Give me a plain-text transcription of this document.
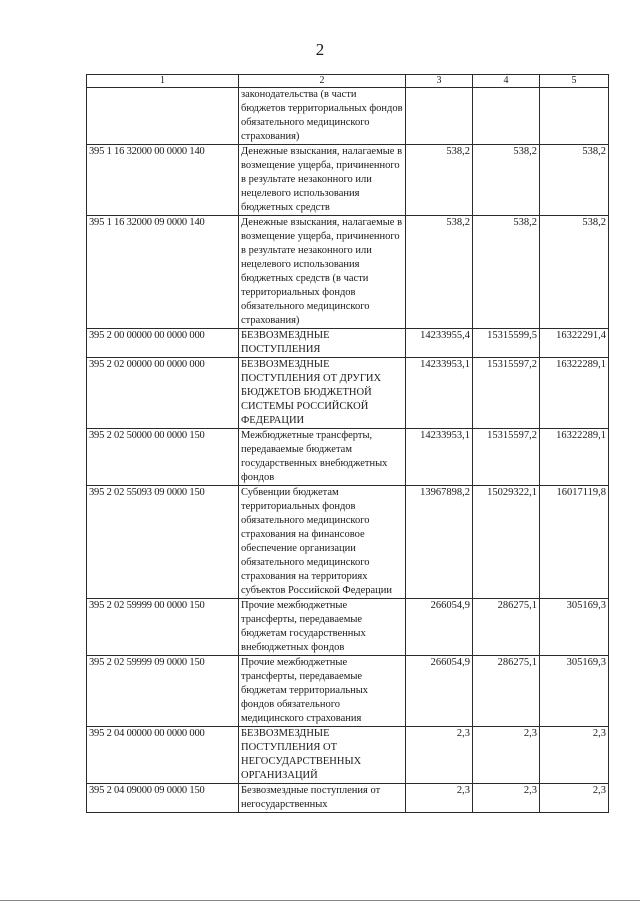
2
1	2	3	4	5
	законодательства (в части бюджетов территориальных фондов обязательного медицинского страхования)			
395 1 16 32000 00 0000 140	Денежные взыскания, налагаемые в возмещение ущерба, причиненного в результате незаконного или нецелевого использования бюджетных средств	538,2	538,2	538,2
395 1 16 32000 09 0000 140	Денежные взыскания, налагаемые в возмещение ущерба, причиненного в результате незаконного или нецелевого использования бюджетных средств (в части территориальных фондов обязательного медицинского страхования)	538,2	538,2	538,2
395 2 00 00000 00 0000 000	БЕЗВОЗМЕЗДНЫЕ ПОСТУПЛЕНИЯ	14233955,4	15315599,5	16322291,4
395 2 02 00000 00 0000 000	БЕЗВОЗМЕЗДНЫЕ ПОСТУПЛЕНИЯ ОТ ДРУГИХ БЮДЖЕТОВ БЮДЖЕТНОЙ СИСТЕМЫ РОССИЙСКОЙ ФЕДЕРАЦИИ	14233953,1	15315597,2	16322289,1
395 2 02 50000 00 0000 150	Межбюджетные трансферты, передаваемые бюджетам государственных внебюджетных фондов	14233953,1	15315597,2	16322289,1
395 2 02 55093 09 0000 150	Субвенции бюджетам территориальных фондов обязательного медицинского страхования на финансовое обеспечение организации обязательного медицинского страхования на территориях субъектов Российской Федерации	13967898,2	15029322,1	16017119,8
395 2 02 59999 00 0000 150	Прочие межбюджетные трансферты, передаваемые бюджетам государственных внебюджетных фондов	266054,9	286275,1	305169,3
395 2 02 59999 09 0000 150	Прочие межбюджетные трансферты, передаваемые бюджетам территориальных фондов обязательного медицинского страхования	266054,9	286275,1	305169,3
395 2 04 00000 00 0000 000	БЕЗВОЗМЕЗДНЫЕ ПОСТУПЛЕНИЯ ОТ НЕГОСУДАРСТВЕННЫХ ОРГАНИЗАЦИЙ	2,3	2,3	2,3
395 2 04 09000 09 0000 150	Безвозмездные поступления от негосударственных	2,3	2,3	2,3
